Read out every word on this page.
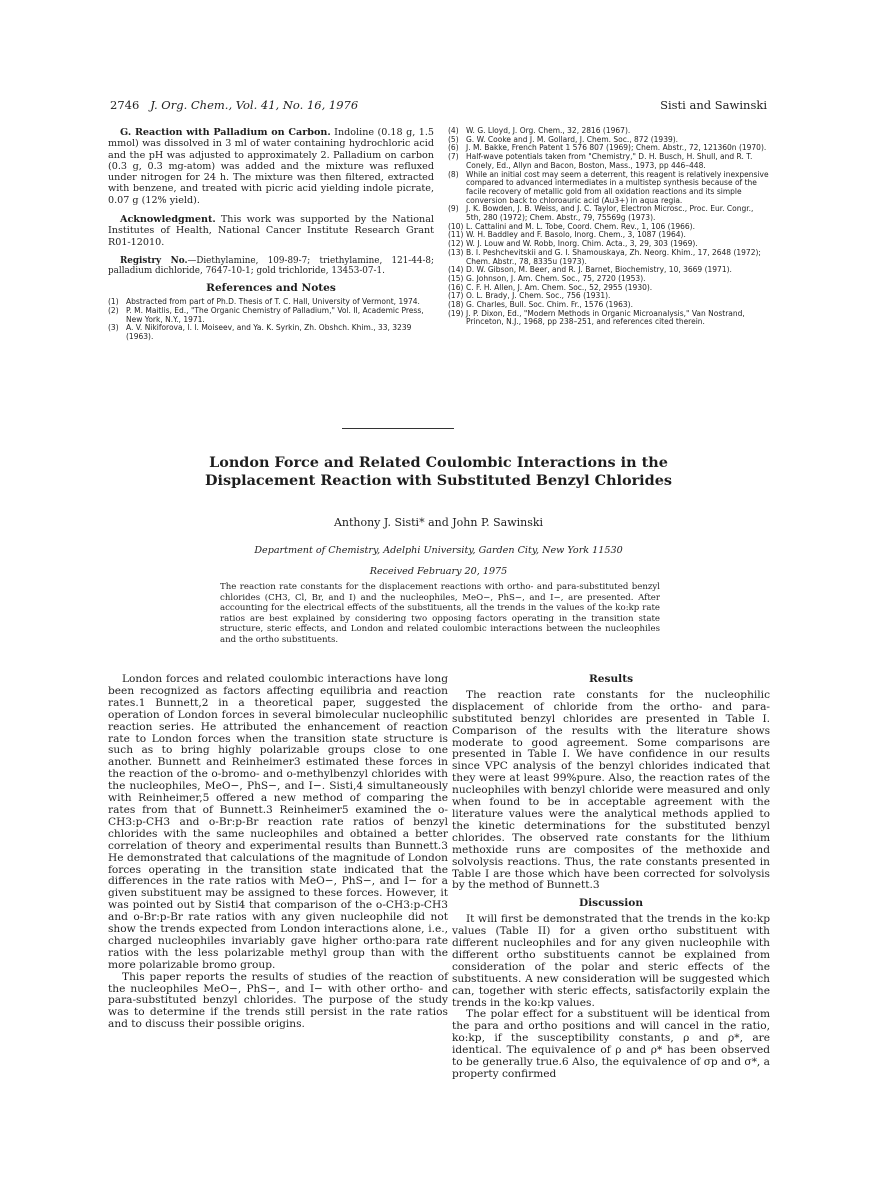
2746 J. Org. Chem., Vol. 41, No. 16, 1976	Sisti and Sawinski

G. Reaction with Palladium on Carbon. Indoline (0.18 g, 1.5 mmol) was dissolved in 3 ml of water containing hydrochloric acid and the pH was adjusted to approximately 2. Palladium on carbon (0.3 g, 0.3 mg-atom) was added and the mixture was refluxed under nitrogen for 24 h. The mixture was then filtered, extracted with benzene, and treated with picric acid yielding indole picrate, 0.07 g (12% yield).

Acknowledgment. This work was supported by the National Institutes of Health, National Cancer Institute Research Grant R01-12010.

Registry No.—Diethylamine, 109-89-7; triethylamine, 121-44-8; palladium dichloride, 7647-10-1; gold trichloride, 13453-07-1.

References and Notes
(1) Abstracted from part of Ph.D. Thesis of T. C. Hall, University of Vermont, 1974.
(2) P. M. Maitlis, Ed., "The Organic Chemistry of Palladium," Vol. II, Academic Press, New York, N.Y., 1971.
(3) A. V. Nikiforova, I. I. Moiseev, and Ya. K. Syrkin, Zh. Obshch. Khim., 33, 3239 (1963).
(4) W. G. Lloyd, J. Org. Chem., 32, 2816 (1967).
(5) G. W. Cooke and J. M. Gollard, J. Chem. Soc., 872 (1939).
(6) J. M. Bakke, French Patent 1 576 807 (1969); Chem. Abstr., 72, 121360n (1970).
(7) Half-wave potentials taken from "Chemistry," D. H. Busch, H. Shull, and R. T. Conely, Ed., Allyn and Bacon, Boston, Mass., 1973, pp 446–448.
(8) While an initial cost may seem a deterrent, this reagent is relatively inexpensive compared to advanced intermediates in a multistep synthesis because of the facile recovery of metallic gold from all oxidation reactions and its simple conversion back to chloroauric acid (Au3+) in aqua regia.
(9) J. K. Bowden, J. B. Weiss, and J. C. Taylor, Electron Microsc., Proc. Eur. Congr., 5th, 280 (1972); Chem. Abstr., 79, 75569g (1973).
(10) L. Cattalini and M. L. Tobe, Coord. Chem. Rev., 1, 106 (1966).
(11) W. H. Baddley and F. Basolo, Inorg. Chem., 3, 1087 (1964).
(12) W. J. Louw and W. Robb, Inorg. Chim. Acta., 3, 29, 303 (1969).
(13) B. I. Peshchevitskii and G. I. Shamouskaya, Zh. Neorg. Khim., 17, 2648 (1972); Chem. Abstr., 78, 8335u (1973).
(14) D. W. Gibson, M. Beer, and R. J. Barnet, Biochemistry, 10, 3669 (1971).
(15) G. Johnson, J. Am. Chem. Soc., 75, 2720 (1953).
(16) C. F. H. Allen, J. Am. Chem. Soc., 52, 2955 (1930).
(17) O. L. Brady, J. Chem. Soc., 756 (1931).
(18) G. Charles, Bull. Soc. Chim. Fr., 1576 (1963).
(19) J. P. Dixon, Ed., "Modern Methods in Organic Microanalysis," Van Nostrand, Princeton, N.J., 1968, pp 238–251, and references cited therein.
London Force and Related Coulombic Interactions in the
Displacement Reaction with Substituted Benzyl Chlorides
Anthony J. Sisti* and John P. Sawinski
Department of Chemistry, Adelphi University, Garden City, New York 11530
Received February 20, 1975
The reaction rate constants for the displacement reactions with ortho- and para-substituted benzyl chlorides (CH3, Cl, Br, and I) and the nucleophiles, MeO−, PhS−, and I−, are presented. After accounting for the electrical effects of the substituents, all the trends in the values of the ko:kp rate ratios are best explained by considering two opposing factors operating in the transition state structure, steric effects, and London and related coulombic interactions between the nucleophiles and the ortho substituents.

London forces and related coulombic interactions have long been recognized as factors affecting equilibria and reaction rates.1 Bunnett,2 in a theoretical paper, suggested the operation of London forces in several bimolecular nucleophilic reaction series. He attributed the enhancement of reaction rate to London forces when the transition state structure is such as to bring highly polarizable groups close to one another. Bunnett and Reinheimer3 estimated these forces in the reaction of the o-bromo- and o-methylbenzyl chlorides with the nucleophiles, MeO−, PhS−, and I−. Sisti,4 simultaneously with Reinheimer,5 offered a new method of comparing the rates from that of Bunnett.3 Reinheimer5 examined the o-CH3:p-CH3 and o-Br:p-Br reaction rate ratios of benzyl chlorides with the same nucleophiles and obtained a better correlation of theory and experimental results than Bunnett.3 He demonstrated that calculations of the magnitude of London forces operating in the transition state indicated that the differences in the rate ratios with MeO−, PhS−, and I− for a given substituent may be assigned to these forces. However, it was pointed out by Sisti4 that comparison of the o-CH3:p-CH3 and o-Br:p-Br rate ratios with any given nucleophile did not show the trends expected from London interactions alone, i.e., charged nucleophiles invariably gave higher ortho:para rate ratios with the less polarizable methyl group than with the more polarizable bromo group.

This paper reports the results of studies of the reaction of the nucleophiles MeO−, PhS−, and I− with other ortho- and para-substituted benzyl chlorides. The purpose of the study was to determine if the trends still persist in the rate ratios and to discuss their possible origins.

Results

The reaction rate constants for the nucleophilic displacement of chloride from the ortho- and para-substituted benzyl chlorides are presented in Table I. Comparison of the results with the literature shows moderate to good agreement. Some comparisons are presented in Table I. We have confidence in our results since VPC analysis of the benzyl chlorides indicated that they were at least 99%pure. Also, the reaction rates of the nucleophiles with benzyl chloride were measured and only when found to be in acceptable agreement with the literature values were the analytical methods applied to the kinetic determinations for the substituted benzyl chlorides. The observed rate constants for the lithium methoxide runs are composites of the methoxide and solvolysis reactions. Thus, the rate constants presented in Table I are those which have been corrected for solvolysis by the method of Bunnett.3

Discussion

It will first be demonstrated that the trends in the ko:kp values (Table II) for a given ortho substituent with different nucleophiles and for any given nucleophile with different ortho substituents cannot be explained from consideration of the polar and steric effects of the substituents. A new consideration will be suggested which can, together with steric effects, satisfactorily explain the trends in the ko:kp values.

The polar effect for a substituent will be identical from the para and ortho positions and will cancel in the ratio, ko:kp, if the susceptibility constants, ρ and ρ*, are identical. The equivalence of ρ and ρ* has been observed to be generally true.6 Also, the equivalence of σp and σ*, a property confirmed
